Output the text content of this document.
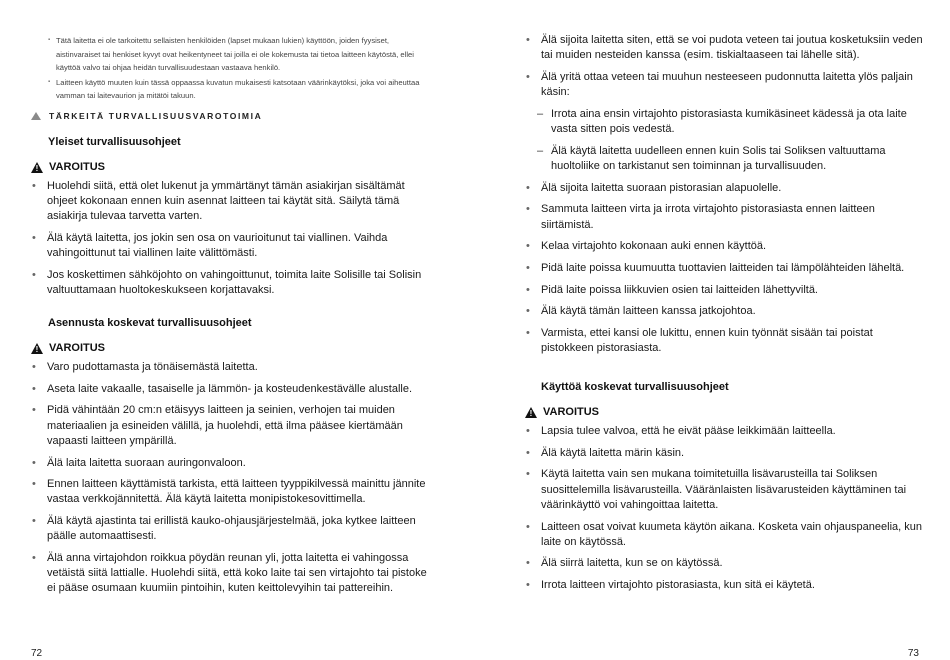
▪ Tätä laitetta ei ole tarkoitettu sellaisten henkilöiden (lapset mukaan lukien) käyttöön, joiden fyysiset, aistinvaraiset tai henkiset kyvyt ovat heikentyneet tai joilla ei ole kokemusta tai tietoa laitteen käytöstä, ellei käyttöä valvo tai ohjaa heidän turvallisuudestaan vastaava henkilö.
▪ Laitteen käyttö muuten kuin tässä oppaassa kuvatun mukaisesti katsotaan väärinkäytöksi, joka voi aiheuttaa vamman tai laitevaurion ja mitätöi takuun.
TÄRKEITÄ TURVALLISUUSVAROTOIMIA
Yleiset turvallisuusohjeet
! VAROITUS
• Huolehdi siitä, että olet lukenut ja ymmärtänyt tämän asiakirjan sisältämät ohjeet kokonaan ennen kuin asennat laitteen tai käytät sitä. Säilytä tämä asiakirja tulevaa tarvetta varten.
• Älä käytä laitetta, jos jokin sen osa on vaurioitunut tai viallinen. Vaihda vahingoittunut tai viallinen laite välittömästi.
• Jos koskettimen sähköjohto on vahingoittunut, toimita laite Solisille tai Solisin valtuuttamaan huoltokeskukseen korjattavaksi.
Asennusta koskevat turvallisuusohjeet
! VAROITUS
• Varo pudottamasta ja tönäisemästä laitetta.
• Aseta laite vakaalle, tasaiselle ja lämmön- ja kosteudenkestävälle alustalle.
• Pidä vähintään 20 cm:n etäisyys laitteen ja seinien, verhojen tai muiden materiaalien ja esineiden välillä, ja huolehdi, että ilma pääsee kiertämään vapaasti laitteen ympärillä.
• Älä laita laitetta suoraan auringonvaloon.
• Ennen laitteen käyttämistä tarkista, että laitteen tyyppikilvessä mainittu jännite vastaa verkkojännitettä. Älä käytä laitetta monipistokesovittimella.
• Älä käytä ajastinta tai erillistä kauko-ohjausjärjestelmää, joka kytkee laitteen päälle automaattisesti.
• Älä anna virtajohdon roikkua pöydän reunan yli, jotta laitetta ei vahingossa vetäistä siitä lattialle. Huolehdi siitä, että koko laite tai sen virtajohto tai pistoke ei pääse osumaan kuumiin pintoihin, kuten keittolevyihin tai pattereihin.
72
• Älä sijoita laitetta siten, että se voi pudota veteen tai joutua kosketuksiin veden tai muiden nesteiden kanssa (esim. tiskialtaaseen tai lähelle sitä).
• Älä yritä ottaa veteen tai muuhun nesteeseen pudonnutta laitetta ylös paljain käsin:
– Irrota aina ensin virtajohto pistorasiasta kumikäsineet kädessä ja ota laite vasta sitten pois vedestä.
– Älä käytä laitetta uudelleen ennen kuin Solis tai Soliksen valtuuttama huoltoliike on tarkistanut sen toiminnan ja turvallisuuden.
• Älä sijoita laitetta suoraan pistorasian alapuolelle.
• Sammuta laitteen virta ja irrota virtajohto pistorasiasta ennen laitteen siirtämistä.
• Kelaa virtajohto kokonaan auki ennen käyttöä.
• Pidä laite poissa kuumuutta tuottavien laitteiden tai lämpölähteiden läheltä.
• Pidä laite poissa liikkuvien osien tai laitteiden lähettyviltä.
• Älä käytä tämän laitteen kanssa jatkojohtoa.
• Varmista, ettei kansi ole lukittu, ennen kuin työnnät sisään tai poistat pistokkeen pistorasiasta.
Käyttöä koskevat turvallisuusohjeet
! VAROITUS
• Lapsia tulee valvoa, että he eivät pääse leikkimään laitteella.
• Älä käytä laitetta märin käsin.
• Käytä laitetta vain sen mukana toimitetuilla lisävarusteilla tai Soliksen suosittelemilla lisävarusteilla. Vääränlaisten lisävarusteiden käyttäminen tai väärinkäyttö voi vahingoittaa laitetta.
• Laitteen osat voivat kuumeta käytön aikana. Kosketa vain ohjauspaneelia, kun laite on käytössä.
• Älä siirrä laitetta, kun se on käytössä.
• Irrota laitteen virtajohto pistorasiasta, kun sitä ei käytetä.
73
